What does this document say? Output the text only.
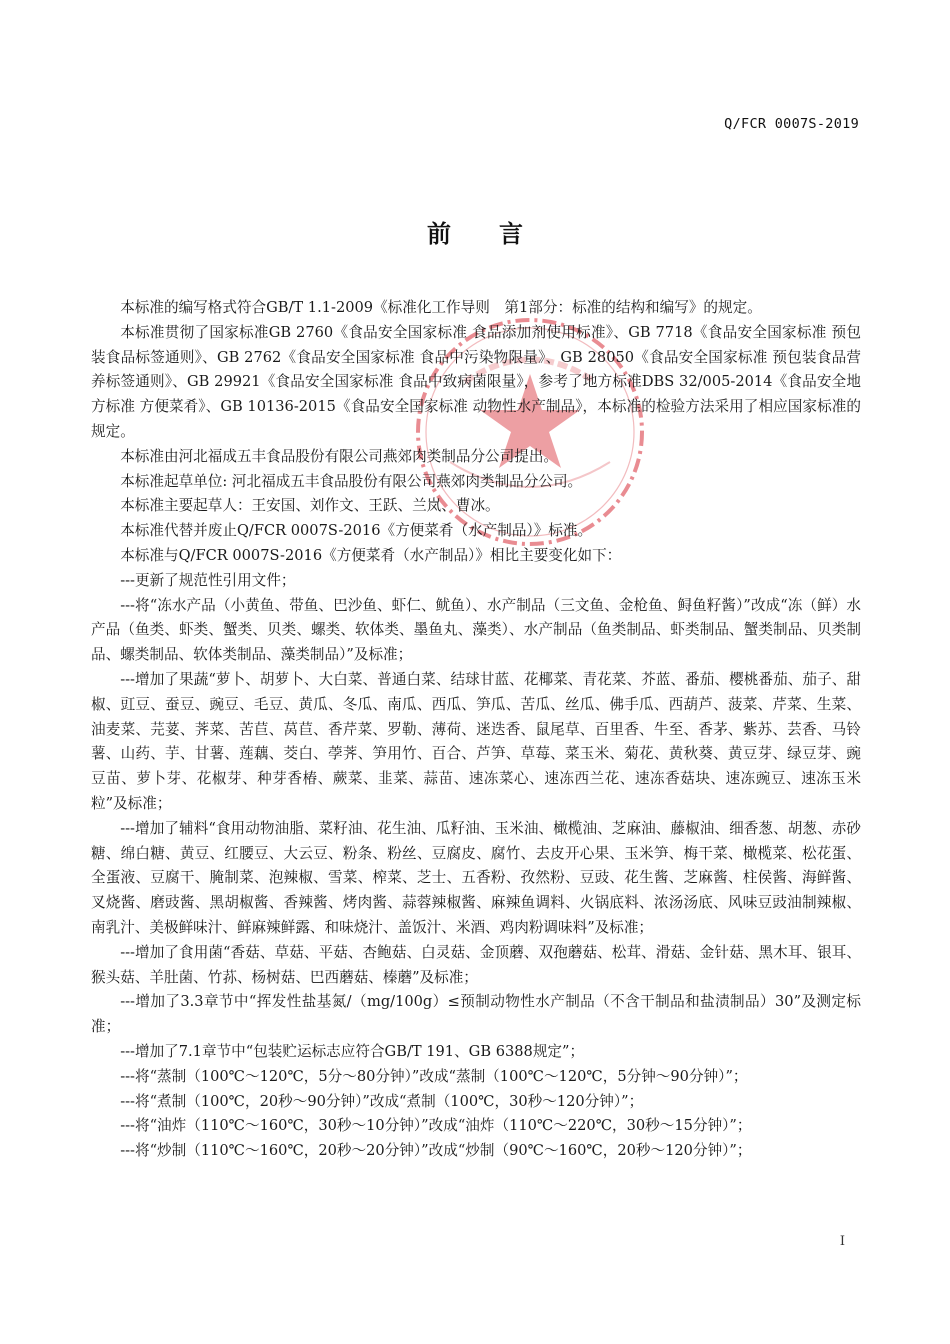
Q/FCR 0007S-2019
前言

本标准的编写格式符合GB/T 1.1-2009《标准化工作导则　第1部分：标准的结构和编写》的规定。

本标准贯彻了国家标准GB 2760《食品安全国家标准 食品添加剂使用标准》、GB 7718《食品安全国家标准 预包装食品标签通则》、GB 2762《食品安全国家标准 食品中污染物限量》、GB 28050《食品安全国家标准 预包装食品营养标签通则》、GB 29921《食品安全国家标准 食品中致病菌限量》，参考了地方标准DBS 32/005-2014《食品安全地方标准 方便菜肴》、GB 10136-2015《食品安全国家标准 动物性水产制品》，本标准的检验方法采用了相应国家标准的规定。

本标准由河北福成五丰食品股份有限公司燕郊肉类制品分公司提出。

本标准起草单位: 河北福成五丰食品股份有限公司燕郊肉类制品分公司。

本标准主要起草人：王安国、刘作文、王跃、兰岚、曹冰。

本标准代替并废止Q/FCR 0007S-2016《方便菜肴（水产制品）》标准。

本标准与Q/FCR 0007S-2016《方便菜肴（水产制品）》相比主要变化如下：

---更新了规范性引用文件；

---将“冻水产品（小黄鱼、带鱼、巴沙鱼、虾仁、鱿鱼）、水产制品（三文鱼、金枪鱼、鲟鱼籽酱）”改成“冻（鲜）水产品（鱼类、虾类、蟹类、贝类、螺类、软体类、墨鱼丸、藻类）、水产制品（鱼类制品、虾类制品、蟹类制品、贝类制品、螺类制品、软体类制品、藻类制品）”及标准；

---增加了果蔬“萝卜、胡萝卜、大白菜、普通白菜、结球甘蓝、花椰菜、青花菜、芥蓝、番茄、樱桃番茄、茄子、甜椒、豇豆、蚕豆、豌豆、毛豆、黄瓜、冬瓜、南瓜、西瓜、笋瓜、苦瓜、丝瓜、佛手瓜、西葫芦、菠菜、芹菜、生菜、油麦菜、芫荽、荠菜、苦苣、莴苣、香芹菜、罗勒、薄荷、迷迭香、鼠尾草、百里香、牛至、香茅、紫苏、芸香、马铃薯、山药、芋、甘薯、莲藕、茭白、荸荠、笋用竹、百合、芦笋、草莓、菜玉米、菊花、黄秋葵、黄豆芽、绿豆芽、豌豆苗、萝卜芽、花椒芽、种芽香椿、蕨菜、韭菜、蒜苗、速冻菜心、速冻西兰花、速冻香菇块、速冻豌豆、速冻玉米粒”及标准；

---增加了辅料“食用动物油脂、菜籽油、花生油、瓜籽油、玉米油、橄榄油、芝麻油、藤椒油、细香葱、胡葱、赤砂糖、绵白糖、黄豆、红腰豆、大云豆、粉条、粉丝、豆腐皮、腐竹、去皮开心果、玉米笋、梅干菜、橄榄菜、松花蛋、全蛋液、豆腐干、腌制菜、泡辣椒、雪菜、榨菜、芝士、五香粉、孜然粉、豆豉、花生酱、芝麻酱、柱侯酱、海鲜酱、叉烧酱、磨豉酱、黑胡椒酱、香辣酱、烤肉酱、蒜蓉辣椒酱、麻辣鱼调料、火锅底料、浓汤汤底、风味豆豉油制辣椒、南乳汁、美极鲜味汁、鲜麻辣鲜露、和味烧汁、盖饭汁、米酒、鸡肉粉调味料”及标准；

---增加了食用菌“香菇、草菇、平菇、杏鲍菇、白灵菇、金顶蘑、双孢蘑菇、松茸、滑菇、金针菇、黑木耳、银耳、猴头菇、羊肚菌、竹荪、杨树菇、巴西蘑菇、榛蘑”及标准；

---增加了3.3章节中“挥发性盐基氮/（mg/100g）≤预制动物性水产制品（不含干制品和盐渍制品）30”及测定标准；

---增加了7.1章节中“包装贮运标志应符合GB/T 191、GB 6388规定”；

---将“蒸制（100℃～120℃，5分～80分钟）”改成“蒸制（100℃～120℃，5分钟～90分钟）”；

---将“煮制（100℃，20秒～90分钟）”改成“煮制（100℃，30秒～120分钟）”；

---将“油炸（110℃～160℃，30秒～10分钟）”改成“油炸（110℃～220℃，30秒～15分钟）”；

---将“炒制（110℃～160℃，20秒～20分钟）”改成“炒制（90℃～160℃，20秒～120分钟）”；

I
